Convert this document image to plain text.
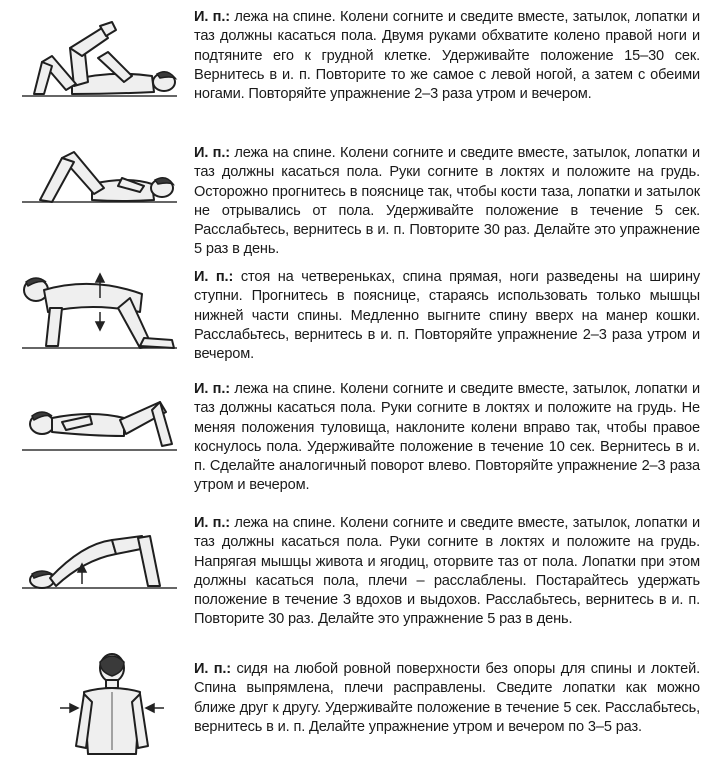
И. п.: лежа на спине. Колени согните и сведите вместе, затылок, лопатки и таз должны касаться пола. Двумя руками обхватите колено правой ноги и подтяните его к грудной клетке. Удерживайте положение 15–30 сек. Вернитесь в и. п. Повторите то же самое с левой ногой, а затем с обеими ногами. Повторяйте упражнение 2–3 раза утром и вечером.
И. п.: лежа на спине. Колени согните и сведите вместе, затылок, лопатки и таз должны касаться пола. Руки согните в локтях и положите на грудь. Осторожно прогнитесь в пояснице так, чтобы кости таза, лопатки и затылок не отрывались от пола. Удерживайте положение в течение 5 сек. Расслабьтесь, вернитесь в и. п. Повторите 30 раз. Делайте это упражнение 5 раз в день.
И. п.: стоя на четвереньках, спина прямая, ноги разведены на ширину ступни. Прогнитесь в пояснице, стараясь использовать только мышцы нижней части спины. Медленно выгните спину вверх на манер кошки. Расслабьтесь, вернитесь в и. п. Повторяйте упражнение 2–3 раза утром и вечером.
И. п.: лежа на спине. Колени согните и сведите вместе, затылок, лопатки и таз должны касаться пола. Руки согните в локтях и положите на грудь. Не меняя положения туловища, наклоните колени вправо так, чтобы правое коснулось пола. Удерживайте положение в течение 10 сек. Вернитесь в и. п. Сделайте аналогичный поворот влево. Повторяйте упражнение 2–3 раза утром и вечером.
И. п.: лежа на спине. Колени согните и сведите вместе, затылок, лопатки и таз должны касаться пола. Руки согните в локтях и положите на грудь. Напрягая мышцы живота и ягодиц, оторвите таз от пола. Лопатки при этом должны касаться пола, плечи – расслаблены. Постарайтесь удержать положение в течение 3 вдохов и выдохов. Расслабьтесь, вернитесь в и. п. Повторите 30 раз. Делайте это упражнение 5 раз в день.
И. п.: сидя на любой ровной поверхности без опоры для спины и локтей. Спина выпрямлена, плечи расправлены. Сведите лопатки как можно ближе друг к другу. Удерживайте положение в течение 5 сек. Расслабьтесь, вернитесь в и. п. Делайте упражнение утром и вечером по 3–5 раз.
